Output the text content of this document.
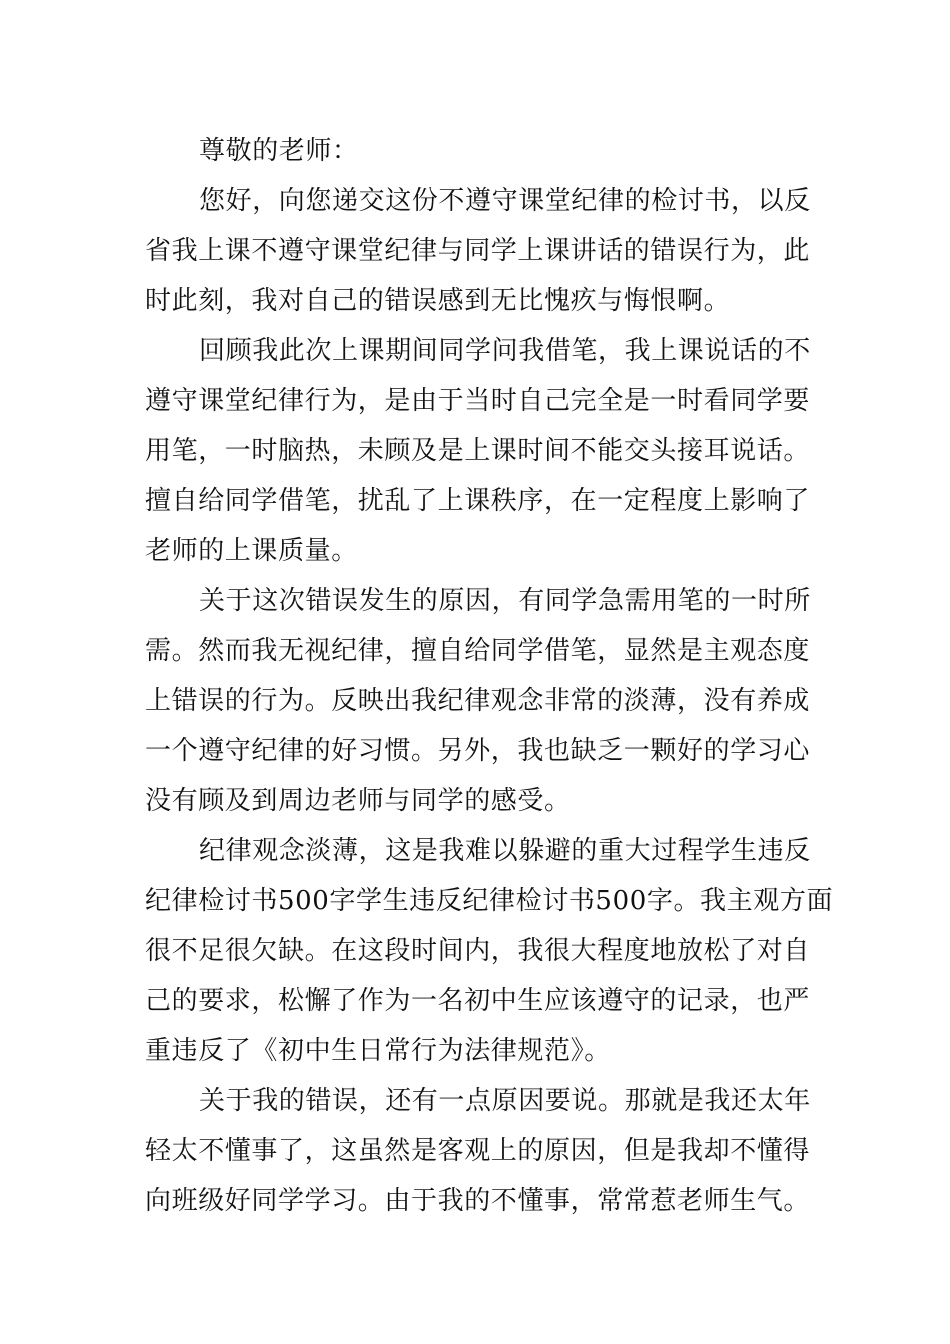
尊敬的老师：
您好，向您递交这份不遵守课堂纪律的检讨书，以反
省我上课不遵守课堂纪律与同学上课讲话的错误行为，此
时此刻，我对自己的错误感到无比愧疚与悔恨啊。
回顾我此次上课期间同学问我借笔，我上课说话的不
遵守课堂纪律行为，是由于当时自己完全是一时看同学要
用笔，一时脑热，未顾及是上课时间不能交头接耳说话。
擅自给同学借笔，扰乱了上课秩序，在一定程度上影响了
老师的上课质量。
关于这次错误发生的原因，有同学急需用笔的一时所
需。然而我无视纪律，擅自给同学借笔，显然是主观态度
上错误的行为。反映出我纪律观念非常的淡薄，没有养成
一个遵守纪律的好习惯。另外，我也缺乏一颗好的学习心
没有顾及到周边老师与同学的感受。
纪律观念淡薄，这是我难以躲避的重大过程学生违反
纪律检讨书500字学生违反纪律检讨书500字。我主观方面
很不足很欠缺。在这段时间内，我很大程度地放松了对自
己的要求，松懈了作为一名初中生应该遵守的记录，也严
重违反了《初中生日常行为法律规范》。
关于我的错误，还有一点原因要说。那就是我还太年
轻太不懂事了，这虽然是客观上的原因，但是我却不懂得
向班级好同学学习。由于我的不懂事，常常惹老师生气。
